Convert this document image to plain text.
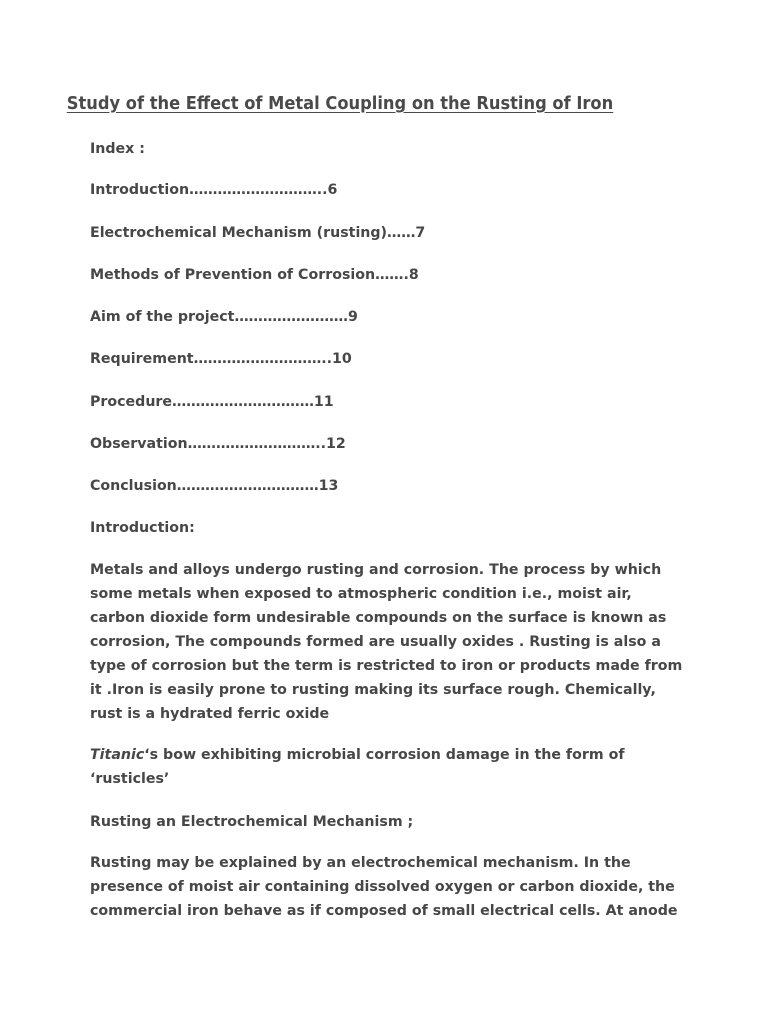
Study of the Effect of Metal Coupling on the Rusting of Iron
Index :
Introduction………………………..6
Electrochemical Mechanism (rusting)……7
Methods of Prevention of Corrosion…….8
Aim of the project……………………9
Requirement………………………..10
Procedure…………………………11
Observation………………………..12
Conclusion…………………………13
Introduction:
Metals and alloys undergo rusting and corrosion. The process by which
some metals when exposed to atmospheric condition i.e., moist air,
carbon dioxide form undesirable compounds on the surface is known as
corrosion, The compounds formed are usually oxides . Rusting is also a
type of corrosion but the term is restricted to iron or products made from
it .Iron is easily prone to rusting making its surface rough. Chemically,
rust is a hydrated ferric oxide
Titanic‘s bow exhibiting microbial corrosion damage in the form of
‘rusticles’
Rusting an Electrochemical Mechanism ;
Rusting may be explained by an electrochemical mechanism. In the
presence of moist air containing dissolved oxygen or carbon dioxide, the
commercial iron behave as if composed of small electrical cells. At anode
